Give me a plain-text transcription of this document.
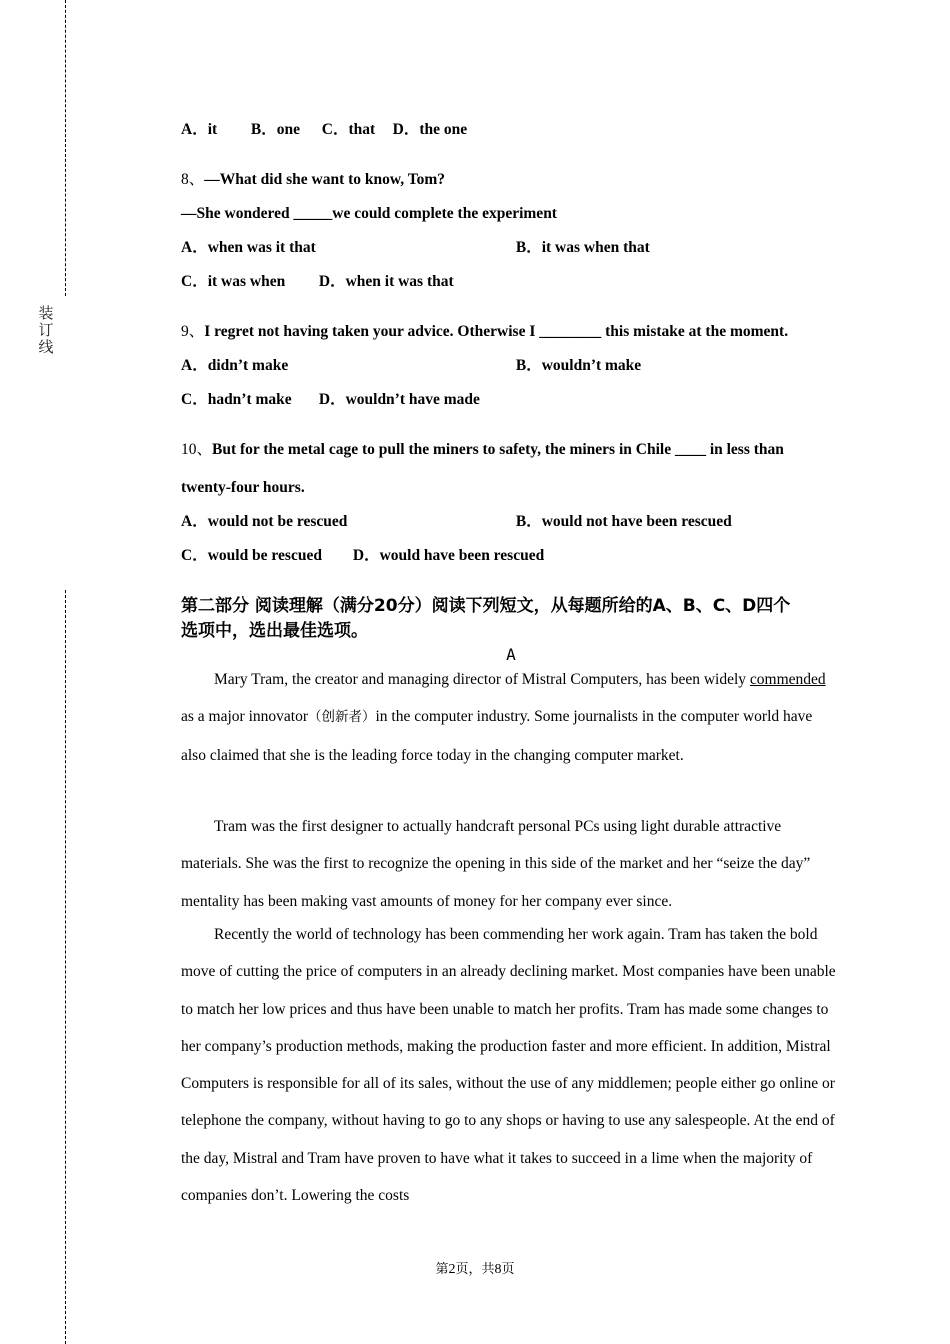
装
订
线
A．it B．one C．that D．the one
8、—What did she want to know, Tom?
—She wondered _____we could complete the experiment
A．when was it that	B．it was when that
C．it was when D．when it was that
9、I regret not having taken your advice. Otherwise I ________ this mistake at the moment.
A．didn’t make	B．wouldn’t make
C．hadn’t make D．wouldn’t have made
10、But for the metal cage to pull the miners to safety, the miners in Chile ____ in less than
twenty-four hours.
A．would not be rescued	B．would not have been rescued
C．would be rescued D．would have been rescued
第二部分 阅读理解（满分20分）阅读下列短文，从每题所给的A、B、C、D四个
选项中，选出最佳选项。
A
Mary Tram, the creator and managing director of Mistral Computers, has been widely commended as a major innovator（创新者）in the computer industry. Some journalists in the computer world have also claimed that she is the leading force today in the changing computer market.
Tram was the first designer to actually handcraft personal PCs using light durable attractive materials. She was the first to recognize the opening in this side of the market and her “seize the day” mentality has been making vast amounts of money for her company ever since.
Recently the world of technology has been commending her work again. Tram has taken the bold move of cutting the price of computers in an already declining market. Most companies have been unable to match her low prices and thus have been unable to match her profits. Tram has made some changes to her company’s production methods, making the production faster and more efficient. In addition, Mistral Computers is responsible for all of its sales, without the use of any middlemen; people either go online or telephone the company, without having to go to any shops or having to use any salespeople. At the end of the day, Mistral and Tram have proven to have what it takes to succeed in a lime when the majority of companies don’t. Lowering the costs
第2页，共8页
